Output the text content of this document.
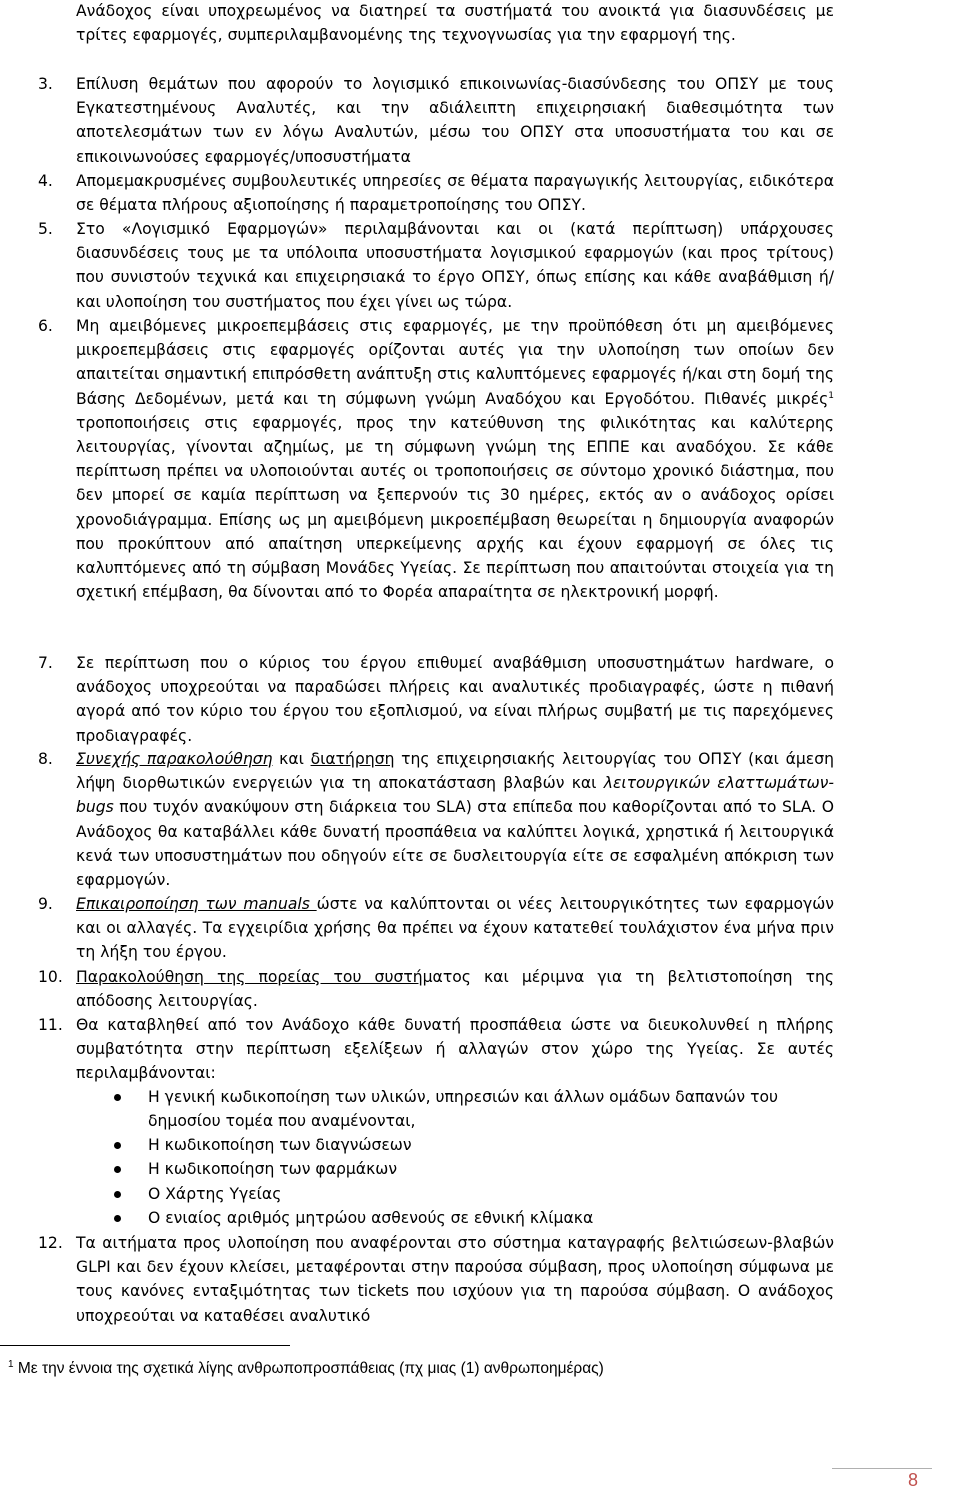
Ανάδοχος είναι υποχρεωμένος να διατηρεί τα συστήματά του ανοικτά για διασυνδέσεις με τρίτες εφαρμογές, συμπεριλαμβανομένης της τεχνογνωσίας για την εφαρμογή της.
3. Επίλυση θεμάτων που αφορούν το λογισμικό επικοινωνίας-διασύνδεσης του ΟΠΣΥ με τους Εγκατεστημένους Αναλυτές, και την αδιάλειπτη επιχειρησιακή διαθεσιμότητα των αποτελεσμάτων των εν λόγω Αναλυτών, μέσω του ΟΠΣΥ στα υποσυστήματα του και σε επικοινωνούσες εφαρμογές/υποσυστήματα
4. Απομεμακρυσμένες συμβουλευτικές υπηρεσίες σε θέματα παραγωγικής λειτουργίας, ειδικότερα σε θέματα πλήρους αξιοποίησης ή παραμετροποίησης του ΟΠΣΥ.
5. Στο «Λογισμικό Εφαρμογών» περιλαμβάνονται και οι (κατά περίπτωση) υπάρχουσες διασυνδέσεις τους με τα υπόλοιπα υποσυστήματα λογισμικού εφαρμογών (και προς τρίτους) που συνιστούν τεχνικά και επιχειρησιακά το έργο ΟΠΣΥ, όπως επίσης και κάθε αναβάθμιση ή/και υλοποίηση του συστήματος που έχει γίνει ως τώρα.
6. Μη αμειβόμενες μικροεπεμβάσεις στις εφαρμογές, με την προϋπόθεση ότι μη αμειβόμενες μικροεπεμβάσεις στις εφαρμογές ορίζονται αυτές για την υλοποίηση των οποίων δεν απαιτείται σημαντική επιπρόσθετη ανάπτυξη στις καλυπτόμενες εφαρμογές ή/και στη δομή της Βάσης Δεδομένων, μετά και τη σύμφωνη γνώμη Αναδόχου και Εργοδότου. Πιθανές μικρές$^1$ τροποποιήσεις στις εφαρμογές, προς την κατεύθυνση της φιλικότητας και καλύτερης λειτουργίας, γίνονται αζημίως, με τη σύμφωνη γνώμη της ΕΠΠΕ και αναδόχου. Σε κάθε περίπτωση πρέπει να υλοποιούνται αυτές οι τροποποιήσεις σε σύντομο χρονικό διάστημα, που δεν μπορεί σε καμία περίπτωση να ξεπερνούν τις 30 ημέρες, εκτός αν ο ανάδοχος ορίσει χρονοδιάγραμμα. Επίσης ως μη αμειβόμενη μικροεπέμβαση θεωρείται η δημιουργία αναφορών που προκύπτουν από απαίτηση υπερκείμενης αρχής και έχουν εφαρμογή σε όλες τις καλυπτόμενες από τη σύμβαση Μονάδες Υγείας. Σε περίπτωση που απαιτούνται στοιχεία για τη σχετική επέμβαση, θα δίνονται από το Φορέα απαραίτητα σε ηλεκτρονική μορφή.
7. Σε περίπτωση που ο κύριος του έργου επιθυμεί αναβάθμιση υποσυστημάτων hardware, ο ανάδοχος υποχρεούται να παραδώσει πλήρεις και αναλυτικές προδιαγραφές, ώστε η πιθανή αγορά από τον κύριο του έργου του εξοπλισμού, να είναι πλήρως συμβατή με τις παρεχόμενες προδιαγραφές.
8. Συνεχής παρακολούθηση και διατήρηση της επιχειρησιακής λειτουργίας του ΟΠΣΥ (και άμεση λήψη διορθωτικών ενεργειών για τη αποκατάσταση βλαβών και λειτουργικών ελαττωμάτων-bugs που τυχόν ανακύψουν στη διάρκεια του SLA) στα επίπεδα που καθορίζονται από το SLA. Ο Ανάδοχος θα καταβάλλει κάθε δυνατή προσπάθεια να καλύπτει λογικά, χρηστικά ή λειτουργικά κενά των υποσυστημάτων που οδηγούν είτε σε δυσλειτουργία είτε σε εσφαλμένη απόκριση των εφαρμογών.
9. Επικαιροποίηση των manuals ώστε να καλύπτονται οι νέες λειτουργικότητες των εφαρμογών και οι αλλαγές. Τα εγχειρίδια χρήσης θα πρέπει να έχουν κατατεθεί τουλάχιστον ένα μήνα πριν τη λήξη του έργου.
10. Παρακολούθηση της πορείας του συστήματος και μέριμνα για τη βελτιστοποίηση της απόδοσης λειτουργίας.
11. Θα καταβληθεί από τον Ανάδοχο κάθε δυνατή προσπάθεια ώστε να διευκολυνθεί η πλήρης συμβατότητα στην περίπτωση εξελίξεων ή αλλαγών στον χώρο της Υγείας. Σε αυτές περιλαμβάνονται:
Η γενική κωδικοποίηση των υλικών, υπηρεσιών και άλλων ομάδων δαπανών του δημοσίου τομέα που αναμένονται,
Η κωδικοποίηση των διαγνώσεων
Η κωδικοποίηση των φαρμάκων
Ο Χάρτης Υγείας
Ο ενιαίος αριθμός μητρώου ασθενούς σε εθνική κλίμακα
12. Τα αιτήματα προς υλοποίηση που αναφέρονται στο σύστημα καταγραφής βελτιώσεων-βλαβών GLPI και δεν έχουν κλείσει, μεταφέρονται στην παρούσα σύμβαση, προς υλοποίηση σύμφωνα με τους κανόνες ενταξιμότητας των tickets που ισχύουν για τη παρούσα σύμβαση. Ο ανάδοχος υποχρεούται να καταθέσει αναλυτικό
$^1$ Με την έννοια της σχετικά λίγης ανθρωποπροσπάθειας (πχ μιας (1) ανθρωποημέρας)
8
